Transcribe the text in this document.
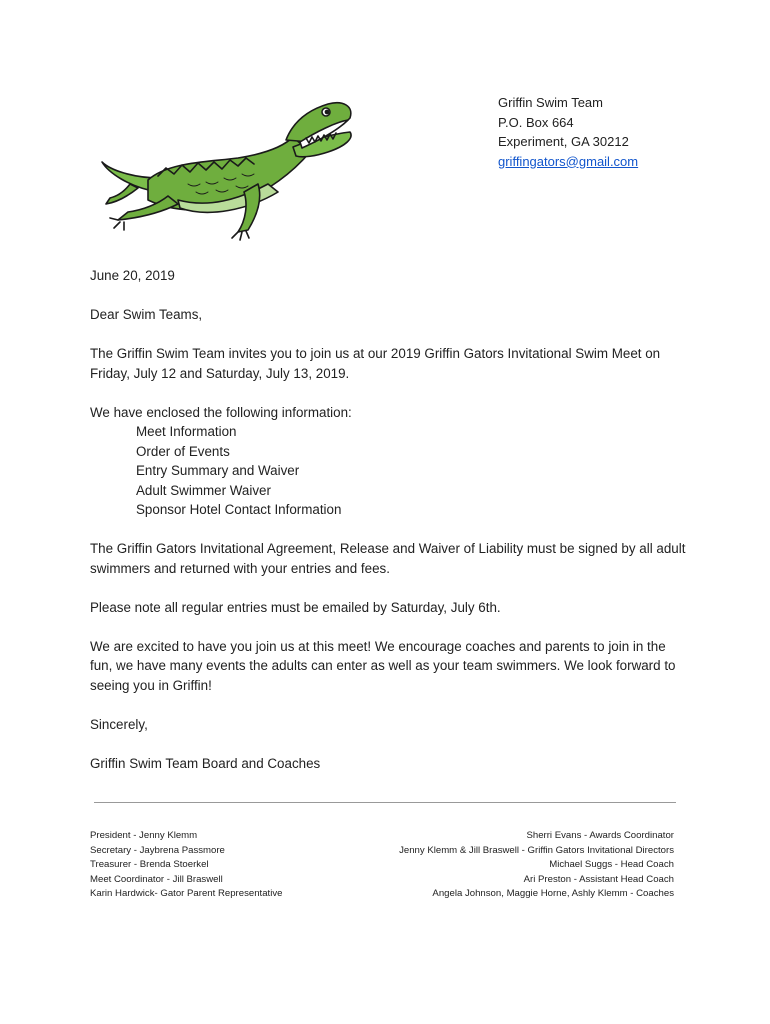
Griffin Swim Team
P.O. Box 664
Experiment, GA 30212
griffingators@gmail.com

June 20, 2019

Dear Swim Teams,

The Griffin Swim Team invites you to join us at our 2019 Griffin Gators Invitational Swim Meet on Friday, July 12 and Saturday, July 13, 2019.

We have enclosed the following information:

Meet Information
Order of Events
Entry Summary and Waiver
Adult Swimmer Waiver
Sponsor Hotel Contact Information

The Griffin Gators Invitational Agreement, Release and Waiver of Liability must be signed by all adult swimmers and returned with your entries and fees.

Please note all regular entries must be emailed by Saturday, July 6th.

We are excited to have you join us at this meet! We encourage coaches and parents to join in the fun, we have many events the adults can enter as well as your team swimmers. We look forward to seeing you in Griffin!

Sincerely,

Griffin Swim Team Board and Coaches

President - Jenny Klemm
Secretary - Jaybrena Passmore
Treasurer - Brenda Stoerkel
Meet Coordinator - Jill Braswell
Karin Hardwick- Gator Parent Representative
Sherri Evans - Awards Coordinator
Jenny Klemm & Jill Braswell - Griffin Gators Invitational Directors
Michael Suggs - Head Coach
Ari Preston - Assistant Head Coach
Angela Johnson, Maggie Horne, Ashly Klemm - Coaches
